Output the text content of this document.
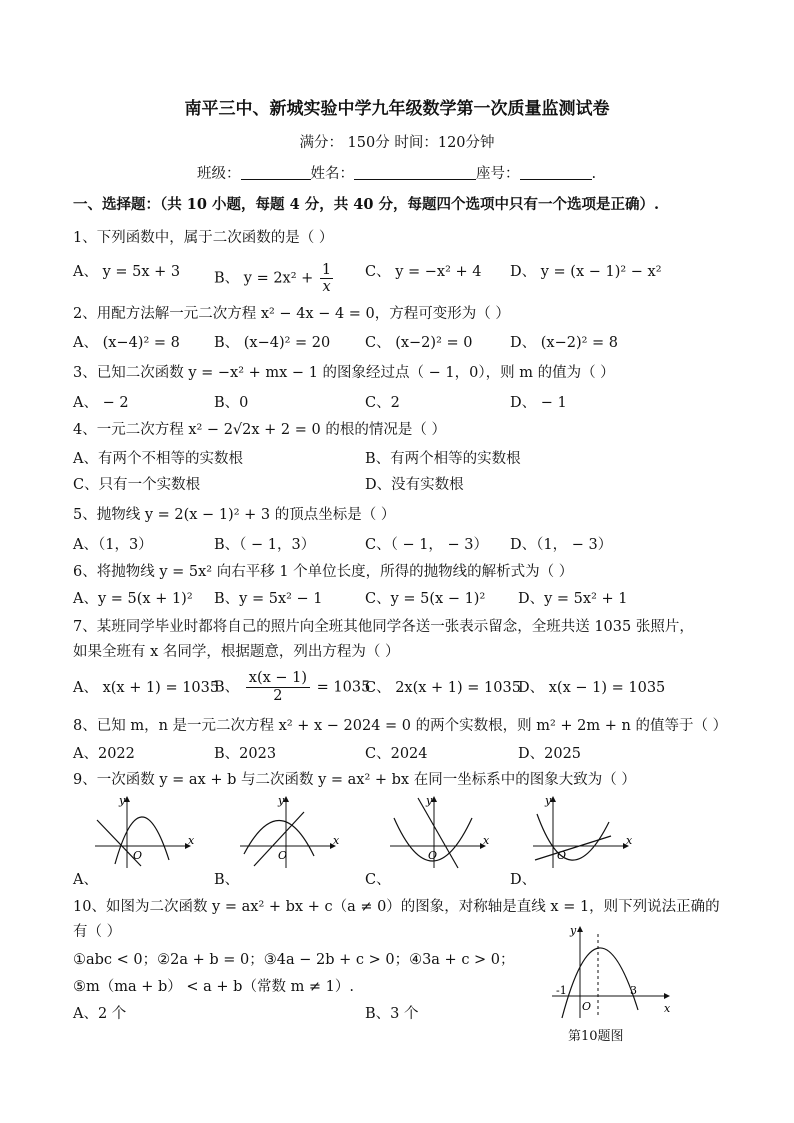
南平三中、新城实验中学九年级数学第一次质量监测试卷
满分： 150分 时间：120分钟
班级：	姓名：	座号：	.
一、选择题：（共 10 小题，每题 4 分，共 40 分，每题四个选项中只有一个选项是正确）.
1、下列函数中，属于二次函数的是（ ）
A、 y = 5x + 3 B、 $y = 2x^2 + \frac{1}{x}$ C、 y = −x² + 4 D、 y = (x − 1)² − x²
2、用配方法解一元二次方程 x² − 4x − 4 = 0，方程可变形为（ ）
A、 (x−4)² = 8 B、 (x−4)² = 20 C、 (x−2)² = 0	D、 (x−2)² = 8
3、已知二次函数 y = −x² + mx − 1 的图象经过点（ − 1，0），则 m 的值为（ ）
A、 − 2	B、0	C、2	D、 − 1
4、一元二次方程 x² − 2√2x + 2 = 0 的根的情况是（ ）
A、有两个不相等的实数根	B、有两个相等的实数根
C、只有一个实数根	D、没有实数根
5、抛物线 y = 2(x − 1)² + 3 的顶点坐标是（ ）
A、（1，3）	B、（ − 1，3）	C、（ − 1， − 3） D、（1， − 3）
6、将抛物线 y = 5x² 向右平移 1 个单位长度，所得的抛物线的解析式为（ ）
A、y = 5(x + 1)² B、y = 5x² − 1	C、y = 5(x − 1)² D、y = 5x² + 1
7、某班同学毕业时都将自己的照片向全班其他同学各送一张表示留念，全班共送 1035 张照片，
如果全班有 x 名同学，根据题意，列出方程为（ ）
A、 x(x + 1) = 1035
B、 $\frac{x(x - 1)}{2} = 1035$
C、 2x(x + 1) = 1035
D、 x(x − 1) = 1035
8、已知 m，n 是一元二次方程 x² + x − 2024 = 0 的两个实数根，则 m² + 2m + n 的值等于（ ）
A、2022	B、2023	C、2024	D、2025
9、一次函数 y = ax + b 与二次函数 y = ax² + bx 在同一坐标系中的图象大致为（ ）
y
x
O
y
x
O
y
x
O
y
x
O
A、	B、	C、	D、
10、如图为二次函数 y = ax² + bx + c（a ≠ 0）的图象，对称轴是直线 x = 1，则下列说法正确的
有（ ）
①abc < 0；②2a + b = 0；③4a − 2b + c > 0；④3a + c > 0；
⑤m（ma + b） < a + b（常数 m ≠ 1）.
A、2 个	B、3 个
y
x
O
-1	3
第10题图
